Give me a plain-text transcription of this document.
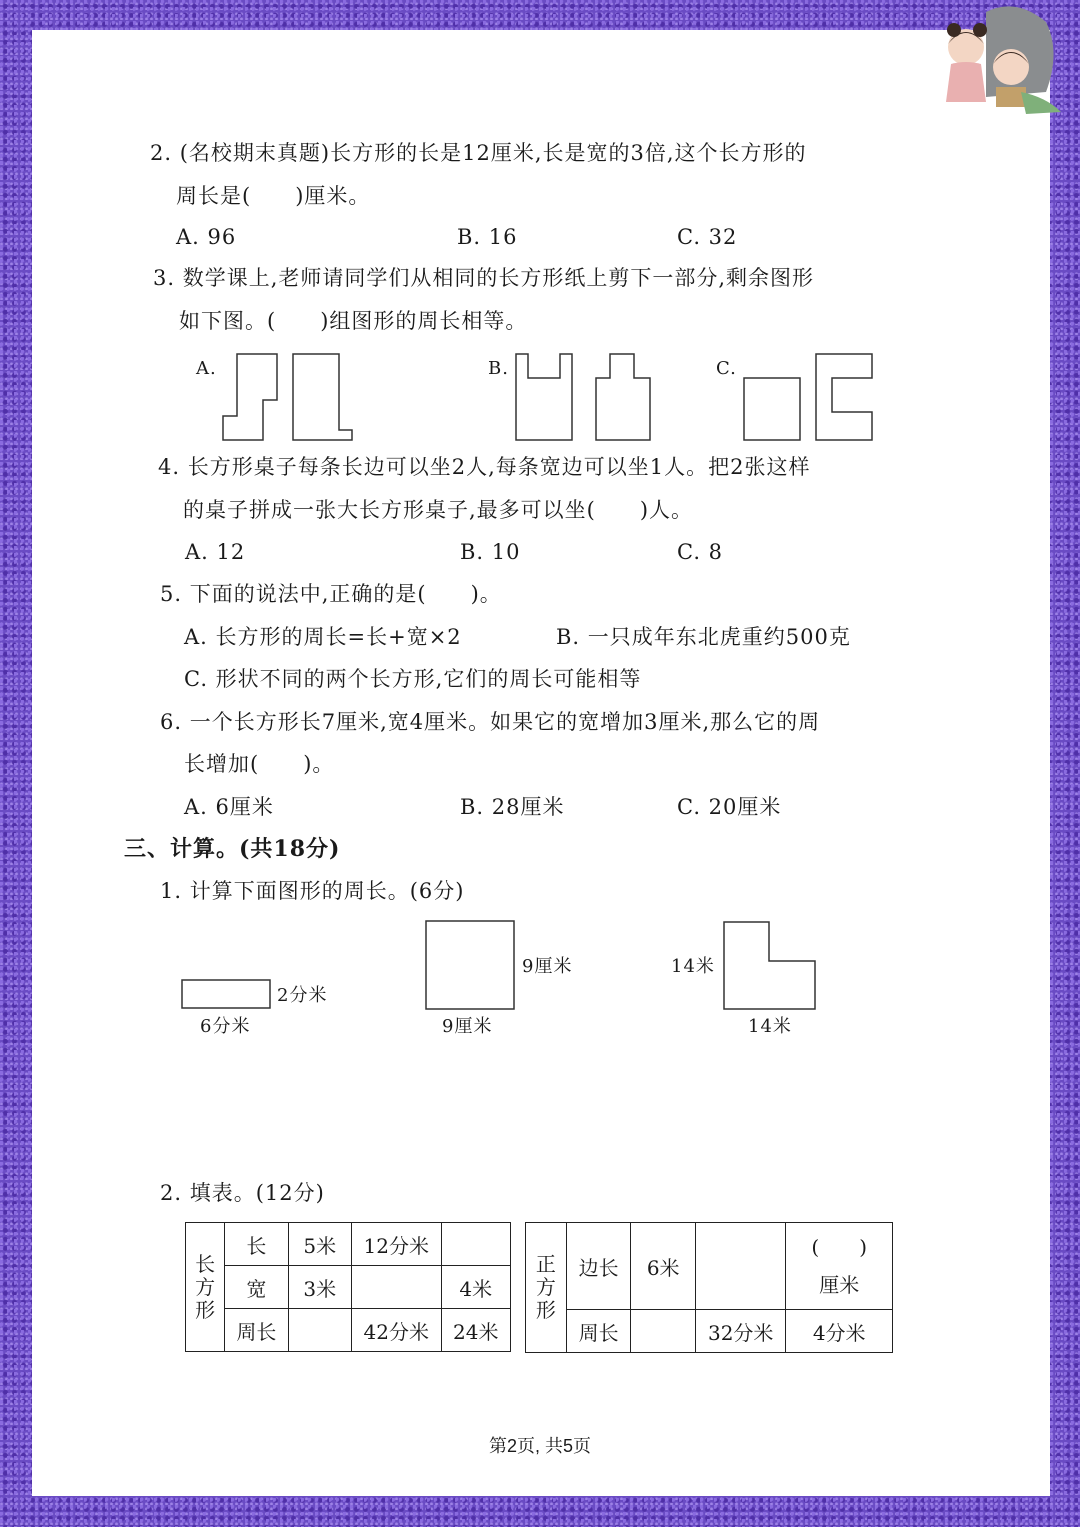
2. (名校期末真题)长方形的长是12厘米,长是宽的3倍,这个长方形的
周长是(　　)厘米。
A. 96	B. 16	C. 32
3. 数学课上,老师请同学们从相同的长方形纸上剪下一部分,剩余图形
如下图。(　　)组图形的周长相等。
A.	B.	C.
4. 长方形桌子每条长边可以坐2人,每条宽边可以坐1人。把2张这样
的桌子拼成一张大长方形桌子,最多可以坐(　　)人。
A. 12	B. 10	C. 8
5. 下面的说法中,正确的是(　　)。
A. 长方形的周长=长+宽×2	B. 一只成年东北虎重约500克
C. 形状不同的两个长方形,它们的周长可能相等
6. 一个长方形长7厘米,宽4厘米。如果它的宽增加3厘米,那么它的周
长增加(　　)。
A. 6厘米	B. 28厘米	C. 20厘米
三、计算。(共18分)
1. 计算下面图形的周长。(6分)
2分米
6分米
9厘米
9厘米
14米
14米
2. 填表。(12分)
长
方
形	长	5米	12分米	
	宽	3米		4米
	周长		42分米	24米
正
方
形	边长	6米		(　　)
厘米
	周长		32分米	4分米
第2页, 共5页
